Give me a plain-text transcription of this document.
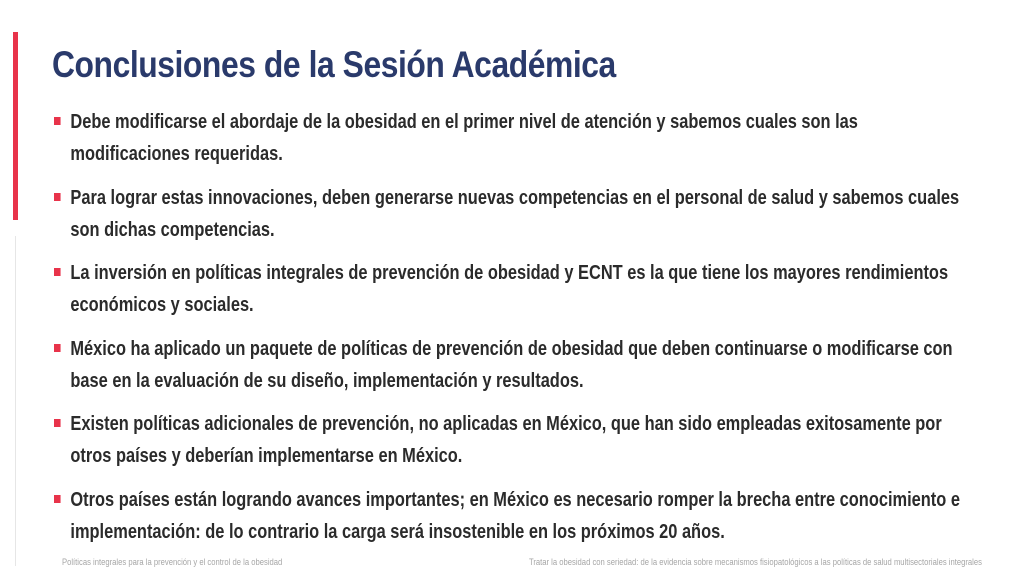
Conclusiones de la Sesión Académica
Debe modificarse el abordaje de la obesidad en el primer nivel de atención y sabemos cuales son las modificaciones requeridas.
Para lograr estas innovaciones, deben generarse nuevas competencias en el personal de salud y sabemos cuales son dichas competencias.
La inversión en políticas integrales de prevención de obesidad y ECNT es la que tiene los mayores rendimientos económicos y sociales.
México ha aplicado un paquete de políticas de prevención de obesidad que deben continuarse o modificarse con base en la evaluación de su diseño, implementación y resultados.
Existen políticas adicionales de prevención, no aplicadas en México, que han sido empleadas exitosamente por otros países y deberían implementarse en México.
Otros países están logrando avances importantes; en México es necesario romper la brecha entre conocimiento e implementación: de lo contrario la carga será insostenible en los próximos 20 años.
Políticas integrales para la prevención y el control de la obesidad	Tratar la obesidad con seriedad: de la evidencia sobre mecanismos fisiopatológicos a las políticas de salud multisectoriales integrales
